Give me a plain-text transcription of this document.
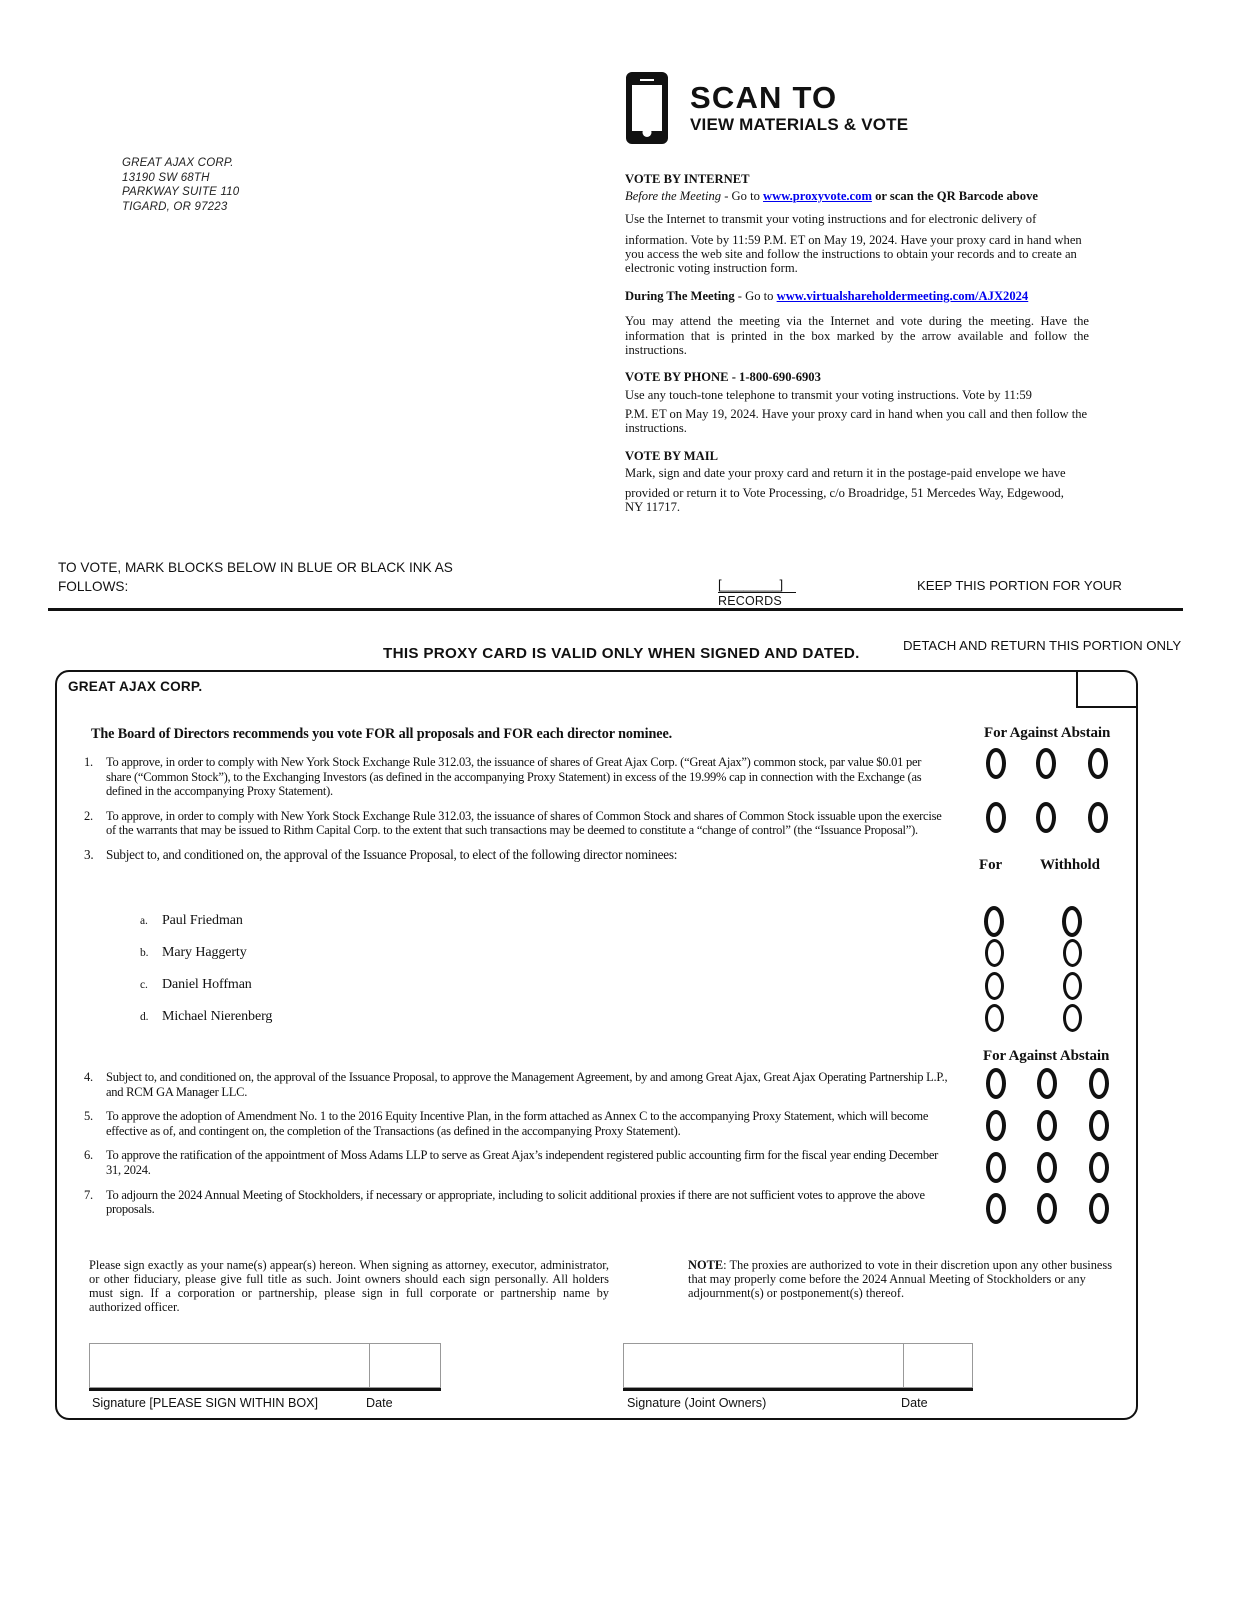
SCAN TO
VIEW MATERIALS & VOTE
GREAT AJAX CORP.
13190 SW 68TH
PARKWAY SUITE 110
TIGARD, OR 97223
VOTE BY INTERNET
Before the Meeting - Go to www.proxyvote.com or scan the QR Barcode above
Use the Internet to transmit your voting instructions and for electronic delivery of
information. Vote by 11:59 P.M. ET on May 19, 2024. Have your proxy card in hand when
you access the web site and follow the instructions to obtain your records and to create an
electronic voting instruction form.
During The Meeting - Go to www.virtualshareholdermeeting.com/AJX2024
You may attend the meeting via the Internet and vote during the meeting. Have the information that is printed in the box marked by the arrow available and follow the instructions.
VOTE BY PHONE - 1-800-690-6903
Use any touch-tone telephone to transmit your voting instructions. Vote by 11:59
P.M. ET on May 19, 2024. Have your proxy card in hand when you call and then follow the
instructions.
VOTE BY MAIL
Mark, sign and date your proxy card and return it in the postage-paid envelope we have
provided or return it to Vote Processing, c/o Broadridge, 51 Mercedes Way, Edgewood,
NY 11717.
TO VOTE, MARK BLOCKS BELOW IN BLUE OR BLACK INK AS FOLLOWS:	[________]
RECORDS
KEEP THIS PORTION FOR YOUR
THIS PROXY CARD IS VALID ONLY WHEN SIGNED AND DATED.	DETACH AND RETURN THIS PORTION ONLY
GREAT AJAX CORP.
The Board of Directors recommends you vote FOR all proposals and FOR each director nominee.
1.	To approve, in order to comply with New York Stock Exchange Rule 312.03, the issuance of shares of Great Ajax Corp. (“Great Ajax”) common stock, par value $0.01 per share (“Common Stock”), to the Exchanging Investors (as defined in the accompanying Proxy Statement) in excess of the 19.99% cap in connection with the Exchange (as defined in the accompanying Proxy Statement).
2.	To approve, in order to comply with New York Stock Exchange Rule 312.03, the issuance of shares of Common Stock and shares of Common Stock issuable upon the exercise of the warrants that may be issued to Rithm Capital Corp. to the extent that such transactions may be deemed to constitute a “change of control” (the “Issuance Proposal”).
3. Subject to, and conditioned on, the approval of the Issuance Proposal, to elect of the following director nominees:
a.	Paul Friedman
b. Mary Haggerty
c.	Daniel Hoffman
d. Michael Nierenberg
4.	Subject to, and conditioned on, the approval of the Issuance Proposal, to approve the Management Agreement, by and among Great Ajax, Great Ajax Operating Partnership L.P., and RCM GA Manager LLC.
5.	To approve the adoption of Amendment No. 1 to the 2016 Equity Incentive Plan, in the form attached as Annex C to the accompanying Proxy Statement, which will become effective as of, and contingent on, the completion of the Transactions (as defined in the accompanying Proxy Statement).
6.	To approve the ratification of the appointment of Moss Adams LLP to serve as Great Ajax’s independent registered public accounting firm for the fiscal year ending December 31, 2024.
7.	To adjourn the 2024 Annual Meeting of Stockholders, if necessary or appropriate, including to solicit additional proxies if there are not sufficient votes to approve the above proposals.
For Against Abstain
For	Withhold
For Against Abstain
Please sign exactly as your name(s) appear(s) hereon. When signing as attorney, executor, administrator, or other fiduciary, please give full title as such. Joint owners should each sign personally. All holders must sign. If a corporation or partnership, please sign in full corporate or partnership name by authorized officer.
NOTE: The proxies are authorized to vote in their discretion upon any other business that may properly come before the 2024 Annual Meeting of Stockholders or any adjournment(s) or postponement(s) thereof.
Signature [PLEASE SIGN WITHIN BOX]	Date	Signature (Joint Owners)	Date
